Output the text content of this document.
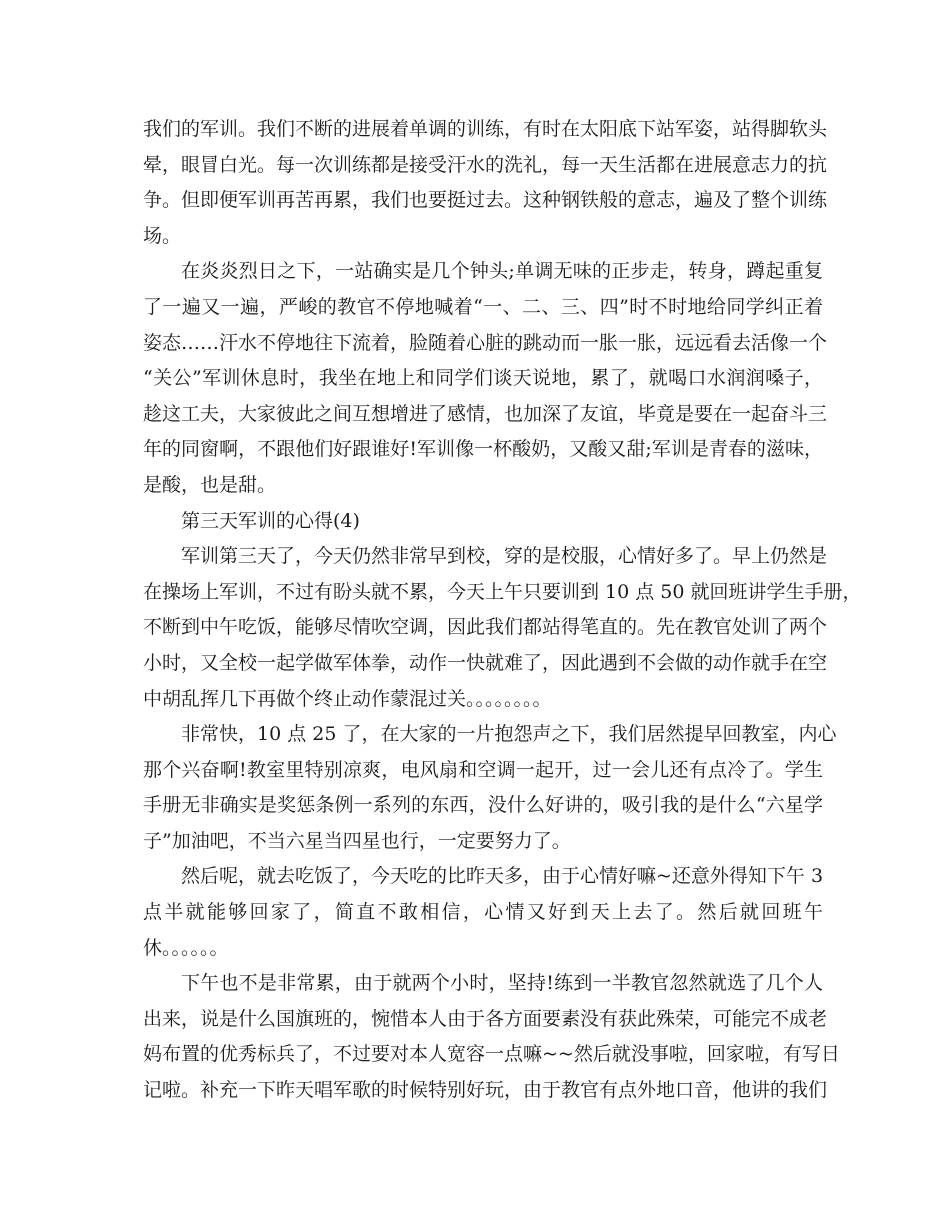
我们的军训。我们不断的进展着单调的训练，有时在太阳底下站军姿，站得脚软头
晕，眼冒白光。每一次训练都是接受汗水的洗礼，每一天生活都在进展意志力的抗
争。但即便军训再苦再累，我们也要挺过去。这种钢铁般的意志，遍及了整个训练
场。
在炎炎烈日之下，一站确实是几个钟头;单调无味的正步走，转身，蹲起重复
了一遍又一遍，严峻的教官不停地喊着“一、二、三、四”时不时地给同学纠正着
姿态……汗水不停地往下流着，脸随着心脏的跳动而一胀一胀，远远看去活像一个
“关公”军训休息时，我坐在地上和同学们谈天说地，累了，就喝口水润润嗓子，
趁这工夫，大家彼此之间互想增进了感情，也加深了友谊，毕竟是要在一起奋斗三
年的同窗啊，不跟他们好跟谁好!军训像一杯酸奶，又酸又甜;军训是青春的滋味，
是酸，也是甜。
第三天军训的心得(4)
军训第三天了，今天仍然非常早到校，穿的是校服，心情好多了。早上仍然是
在操场上军训，不过有盼头就不累，今天上午只要训到 10 点 50 就回班讲学生手册，
不断到中午吃饭，能够尽情吹空调，因此我们都站得笔直的。先在教官处训了两个
小时，又全校一起学做军体拳，动作一快就难了，因此遇到不会做的动作就手在空
中胡乱挥几下再做个终止动作蒙混过关。。。。。。。。
非常快，10 点 25 了，在大家的一片抱怨声之下，我们居然提早回教室，内心
那个兴奋啊!教室里特别凉爽，电风扇和空调一起开，过一会儿还有点冷了。学生
手册无非确实是奖惩条例一系列的东西，没什么好讲的，吸引我的是什么“六星学
子”加油吧，不当六星当四星也行，一定要努力了。
然后呢，就去吃饭了，今天吃的比昨天多，由于心情好嘛~还意外得知下午 3
点半就能够回家了，简直不敢相信，心情又好到天上去了。然后就回班午
休。。。。。。
下午也不是非常累，由于就两个小时，坚持!练到一半教官忽然就选了几个人
出来，说是什么国旗班的，惋惜本人由于各方面要素没有获此殊荣，可能完不成老
妈布置的优秀标兵了，不过要对本人宽容一点嘛~~然后就没事啦，回家啦，有写日
记啦。补充一下昨天唱军歌的时候特别好玩，由于教官有点外地口音，他讲的我们
